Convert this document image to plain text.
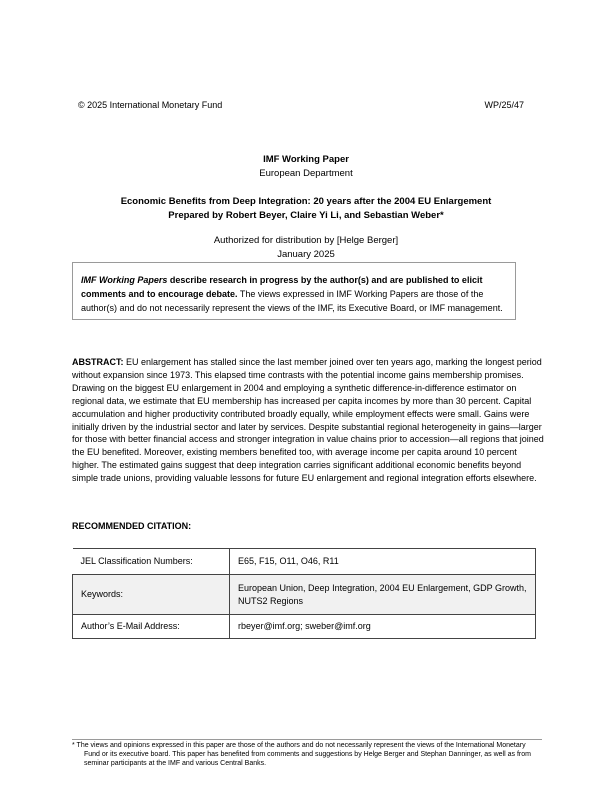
© 2025 International Monetary Fund	WP/25/47
IMF Working Paper
European Department
Economic Benefits from Deep Integration: 20 years after the 2004 EU Enlargement
Prepared by Robert Beyer, Claire Yi Li, and Sebastian Weber*
Authorized for distribution by [Helge Berger]
January 2025
IMF Working Papers describe research in progress by the author(s) and are published to elicit comments and to encourage debate. The views expressed in IMF Working Papers are those of the author(s) and do not necessarily represent the views of the IMF, its Executive Board, or IMF management.
ABSTRACT: EU enlargement has stalled since the last member joined over ten years ago, marking the longest period without expansion since 1973. This elapsed time contrasts with the potential income gains membership promises. Drawing on the biggest EU enlargement in 2004 and employing a synthetic difference-in-difference estimator on regional data, we estimate that EU membership has increased per capita incomes by more than 30 percent. Capital accumulation and higher productivity contributed broadly equally, while employment effects were small. Gains were initially driven by the industrial sector and later by services. Despite substantial regional heterogeneity in gains—larger for those with better financial access and stronger integration in value chains prior to accession—all regions that joined the EU benefited. Moreover, existing members benefited too, with average income per capita around 10 percent higher. The estimated gains suggest that deep integration carries significant additional economic benefits beyond simple trade unions, providing valuable lessons for future EU enlargement and regional integration efforts elsewhere.
RECOMMENDED CITATION:
JEL Classification Numbers:	E65, F15, O11, O46, R11
Keywords:	European Union, Deep Integration, 2004 EU Enlargement, GDP Growth, NUTS2 Regions
Author’s E-Mail Address:	rbeyer@imf.org; sweber@imf.org
* The views and opinions expressed in this paper are those of the authors and do not necessarily represent the views of the International Monetary Fund or its executive board. This paper has benefited from comments and suggestions by Helge Berger and Stephan Danninger, as well as from seminar participants at the IMF and various Central Banks.
